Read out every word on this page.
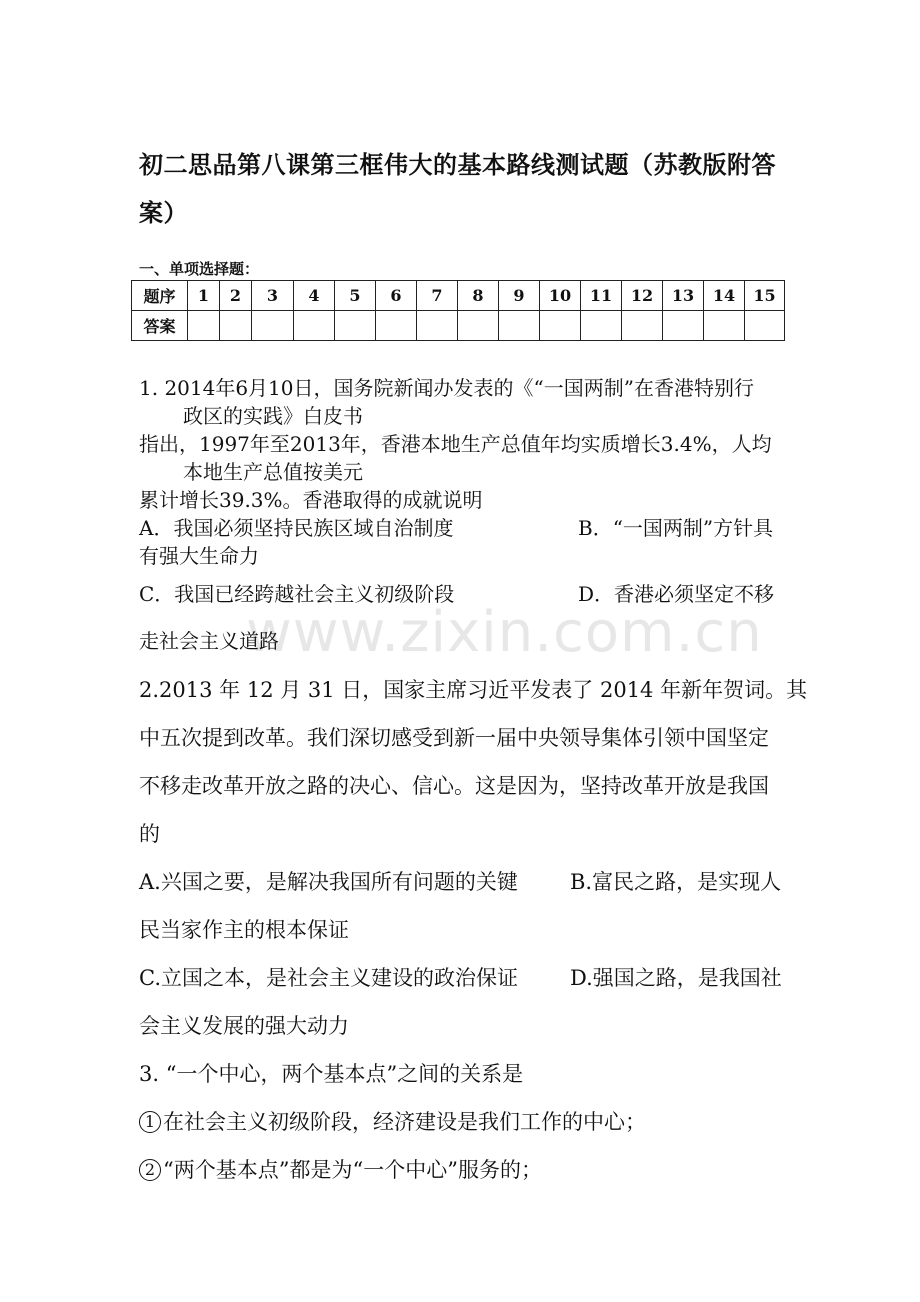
www.zixin.com.cn
初二思品第八课第三框伟大的基本路线测试题（苏教版附答
案）
一、单项选择题：
题序	1	2	3	4	5	6	7	8	9	10	11	12	13	14	15
答案															
1. 2014年6月10日，国务院新闻办发表的《“一国两制”在香港特别行
政区的实践》白皮书
指出，1997年至2013年，香港本地生产总值年均实质增长3.4%，人均
本地生产总值按美元
累计增长39.3%。香港取得的成就说明
A．我国必须坚持民族区域自治制度	B．“一国两制”方针具
有强大生命力
C．我国已经跨越社会主义初级阶段	D．香港必须坚定不移
走社会主义道路
2.2013 年 12 月 31 日，国家主席习近平发表了 2014 年新年贺词。其
中五次提到改革。我们深切感受到新一届中央领导集体引领中国坚定
不移走改革开放之路的决心、信心。这是因为，坚持改革开放是我国
的
A.兴国之要，是解决我国所有问题的关键 B.富民之路，是实现人
民当家作主的根本保证
C.立国之本，是社会主义建设的政治保证 D.强国之路，是我国社
会主义发展的强大动力
3. “一个中心，两个基本点”之间的关系是
1 在社会主义初级阶段，经济建设是我们工作的中心；
2 “两个基本点”都是为“一个中心”服务的；
